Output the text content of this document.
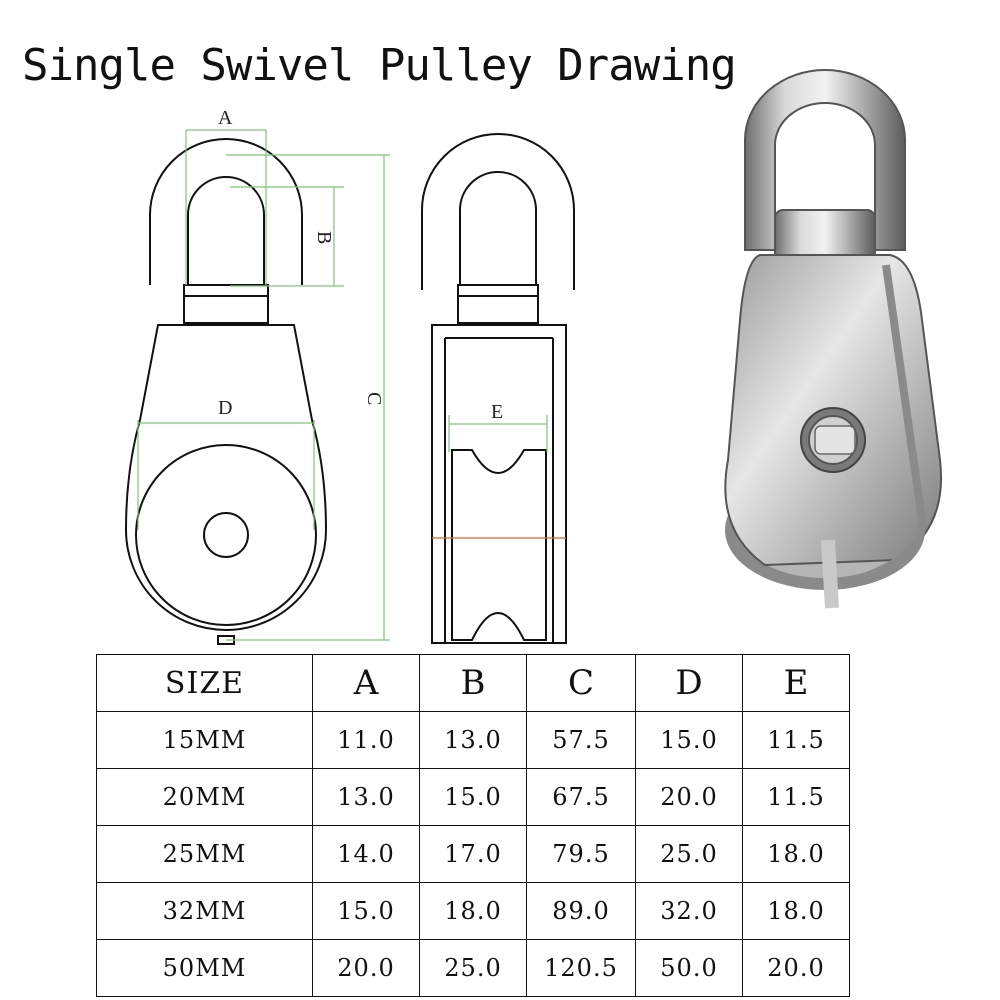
Single Swivel Pulley Drawing
A
B
C
D	E
SIZE	A	B	C	D	E
15MM	11.0	13.0	57.5	15.0	11.5
20MM	13.0	15.0	67.5	20.0	11.5
25MM	14.0	17.0	79.5	25.0	18.0
32MM	15.0	18.0	89.0	32.0	18.0
50MM	20.0	25.0	120.5	50.0	20.0
